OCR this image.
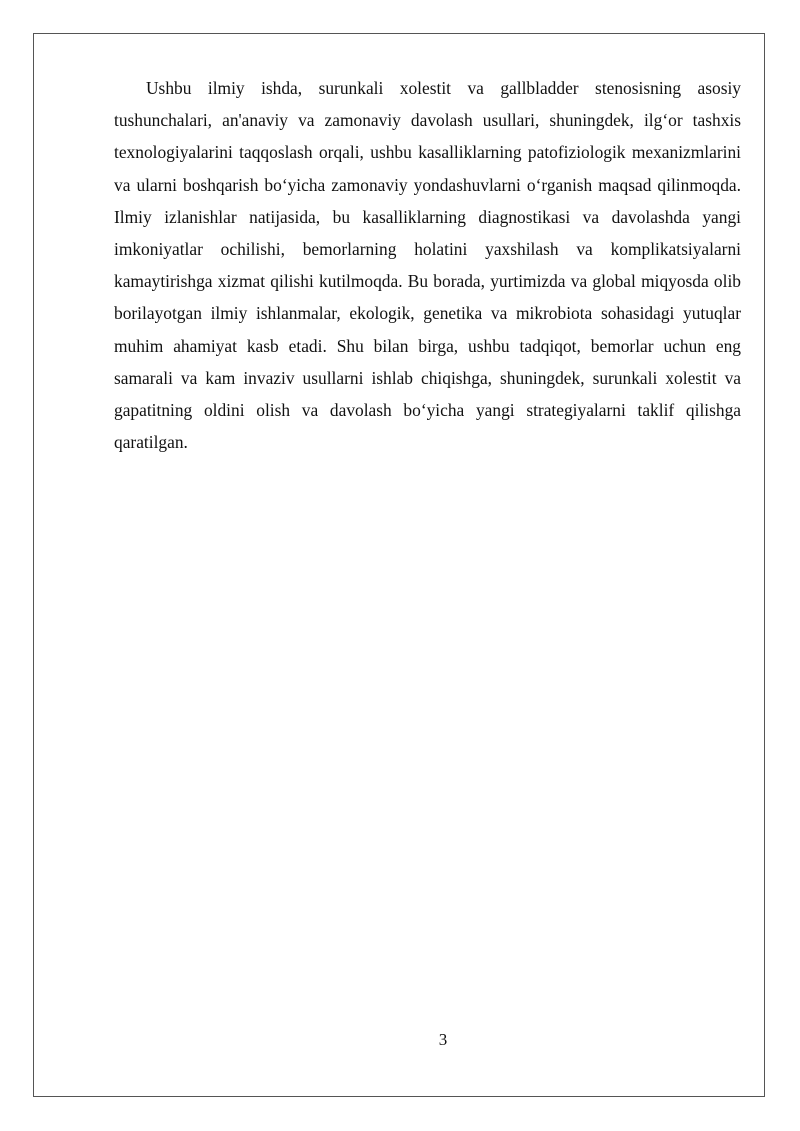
Ushbu ilmiy ishda, surunkali xolestit va gallbladder stenosisning asosiy tushunchalari, an'anaviy va zamonaviy davolash usullari, shuningdek, ilg‘or tashxis texnologiyalarini taqqoslash orqali, ushbu kasalliklarning patofiziologik mexanizmlarini va ularni boshqarish bo‘yicha zamonaviy yondashuvlarni o‘rganish maqsad qilinmoqda. Ilmiy izlanishlar natijasida, bu kasalliklarning diagnostikasi va davolashda yangi imkoniyatlar ochilishi, bemorlarning holatini yaxshilash va komplikatsiyalarni kamaytirishga xizmat qilishi kutilmoqda. Bu borada, yurtimizda va global miqyosda olib borilayotgan ilmiy ishlanmalar, ekologik, genetika va mikrobiota sohasidagi yutuqlar muhim ahamiyat kasb etadi. Shu bilan birga, ushbu tadqiqot, bemorlar uchun eng samarali va kam invaziv usullarni ishlab chiqishga, shuningdek, surunkali xolestit va gapatitning oldini olish va davolash bo‘yicha yangi strategiyalarni taklif qilishga qaratilgan.

3
